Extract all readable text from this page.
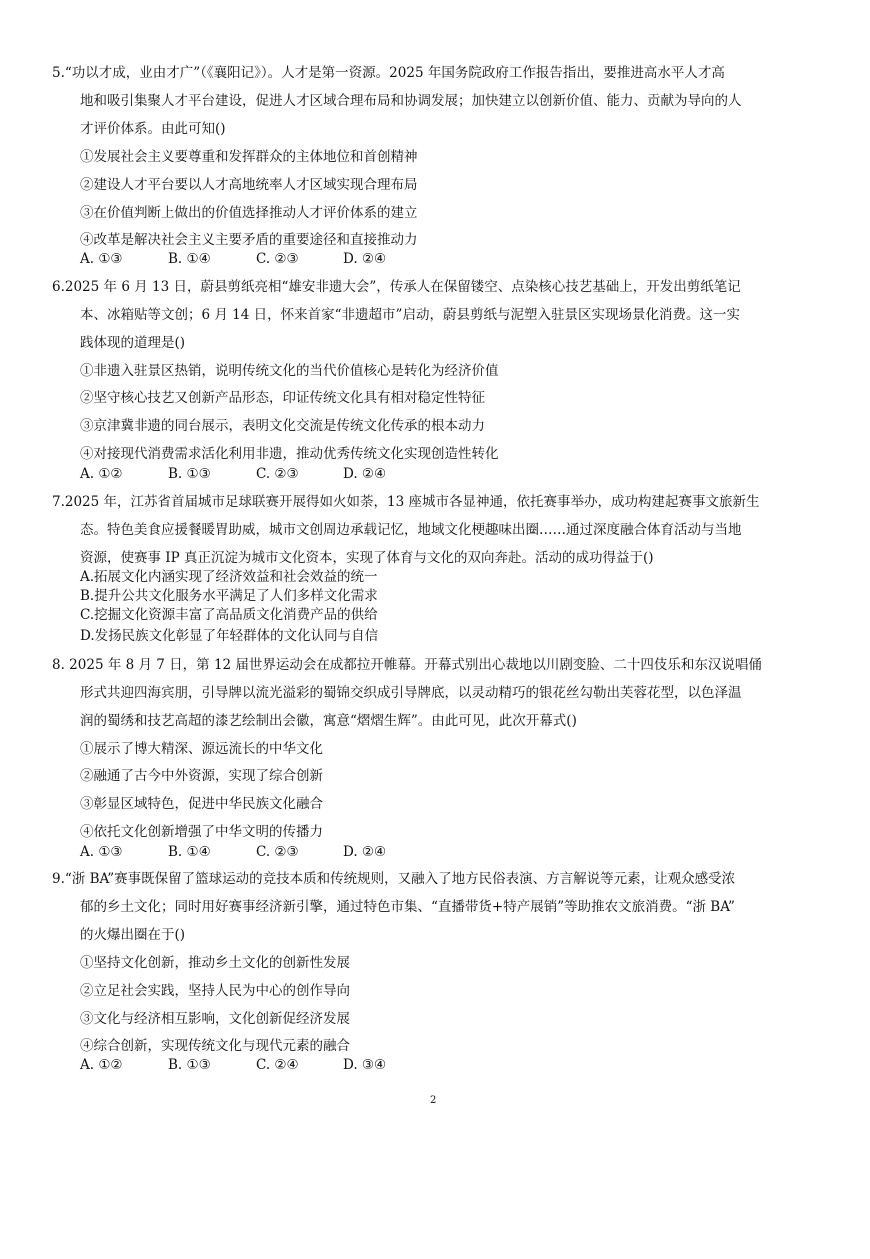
5.“功以才成，业由才广”（《襄阳记》）。人才是第一资源。2025 年国务院政府工作报告指出，要推进高水平人才高
地和吸引集聚人才平台建设，促进人才区域合理布局和协调发展；加快建立以创新价值、能力、贡献为导向的人
才评价体系。由此可知()
①发展社会主义要尊重和发挥群众的主体地位和首创精神
②建设人才平台要以人才高地统率人才区域实现合理布局
③在价值判断上做出的价值选择推动人才评价体系的建立
④改革是解决社会主义主要矛盾的重要途径和直接推动力
A. ①③	B. ①④	C. ②③	D. ②④
6.2025 年 6 月 13 日，蔚县剪纸亮相“雄安非遗大会”，传承人在保留镂空、点染核心技艺基础上，开发出剪纸笔记
本、冰箱贴等文创；6 月 14 日，怀来首家“非遗超市”启动，蔚县剪纸与泥塑入驻景区实现场景化消费。这一实
践体现的道理是()
①非遗入驻景区热销，说明传统文化的当代价值核心是转化为经济价值
②坚守核心技艺又创新产品形态，印证传统文化具有相对稳定性特征
③京津冀非遗的同台展示，表明文化交流是传统文化传承的根本动力
④对接现代消费需求活化利用非遗，推动优秀传统文化实现创造性转化
A. ①②	B. ①③	C. ②③	D. ②④
7.2025 年，江苏省首届城市足球联赛开展得如火如荼，13 座城市各显神通，依托赛事举办，成功构建起赛事文旅新生
态。特色美食应援餐暖胃助威，城市文创周边承载记忆，地域文化梗趣味出圈……通过深度融合体育活动与当地
资源，使赛事 IP 真正沉淀为城市文化资本，实现了体育与文化的双向奔赴。活动的成功得益于()
A.拓展文化内涵实现了经济效益和社会效益的统一
B.提升公共文化服务水平满足了人们多样文化需求
C.挖掘文化资源丰富了高品质文化消费产品的供给
D.发扬民族文化彰显了年轻群体的文化认同与自信
8. 2025 年 8 月 7 日，第 12 届世界运动会在成都拉开帷幕。开幕式别出心裁地以川剧变脸、二十四伎乐和东汉说唱俑
形式共迎四海宾朋，引导牌以流光溢彩的蜀锦交织成引导牌底，以灵动精巧的银花丝勾勒出芙蓉花型，以色泽温
润的蜀绣和技艺高超的漆艺绘制出会徽，寓意“熠熠生辉”。由此可见，此次开幕式()
①展示了博大精深、源远流长的中华文化
②融通了古今中外资源，实现了综合创新
③彰显区域特色，促进中华民族文化融合
④依托文化创新增强了中华文明的传播力
A. ①③	B. ①④	C. ②③	D. ②④
9.“浙 BA”赛事既保留了篮球运动的竞技本质和传统规则，又融入了地方民俗表演、方言解说等元素，让观众感受浓
郁的乡土文化；同时用好赛事经济新引擎，通过特色市集、“直播带货+特产展销”等助推农文旅消费。“浙 BA”
的火爆出圈在于()
①坚持文化创新，推动乡土文化的创新性发展
②立足社会实践，坚持人民为中心的创作导向
③文化与经济相互影响，文化创新促经济发展
④综合创新，实现传统文化与现代元素的融合
A. ①②	B. ①③	C. ②④	D. ③④
2
